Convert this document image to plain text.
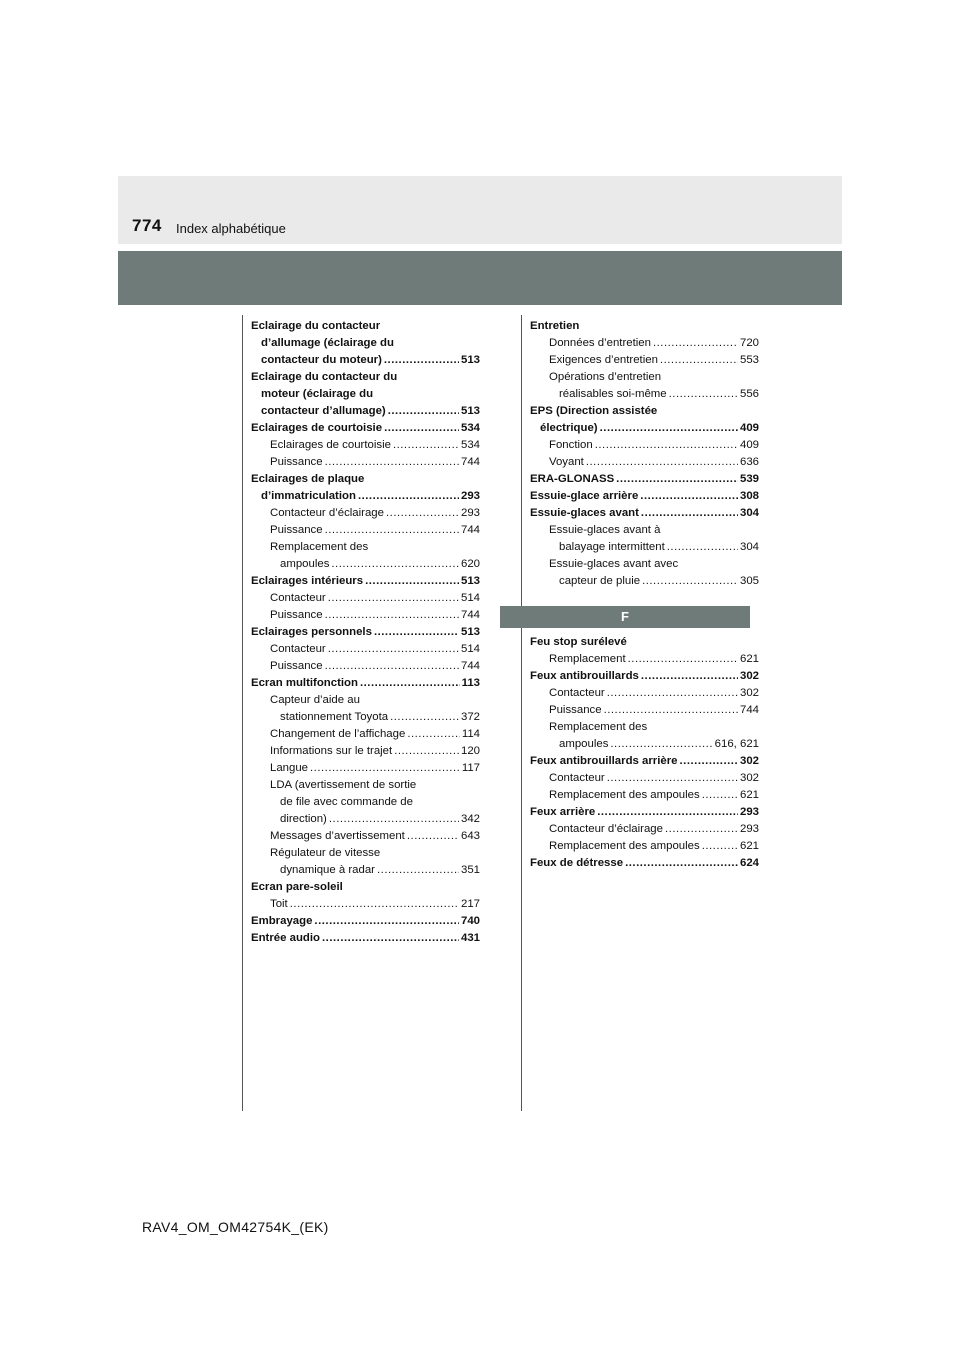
774 Index alphabétique
Eclairage du contacteur
d’allumage (éclairage du
contacteur du moteur) .....	513
Eclairage du contacteur du
moteur (éclairage du
contacteur d’allumage) .....	513
Eclairages de courtoisie .....	534
Eclairages de courtoisie .....	534
Puissance .....	744
Eclairages de plaque
d’immatriculation .....	293
Contacteur d’éclairage .....	293
Puissance .....	744
Remplacement des
ampoules .....	620
Eclairages intérieurs .....	513
Contacteur .....	514
Puissance .....	744
Eclairages personnels .....	513
Contacteur .....	514
Puissance .....	744
Ecran multifonction .....	113
Capteur d’aide au
stationnement Toyota .....	372
Changement de l’affichage .....	114
Informations sur le trajet .....	120
Langue .....	117
LDA (avertissement de sortie
de file avec commande de
direction) .....	342
Messages d’avertissement .....	643
Régulateur de vitesse
dynamique à radar .....	351
Ecran pare-soleil
Toit .....	217
Embrayage .....	740
Entrée audio .....	431
Entretien
Données d’entretien .....	720
Exigences d’entretien .....	553
Opérations d’entretien
réalisables soi-même .....	556
EPS (Direction assistée
électrique) .....	409
Fonction .....	409
Voyant .....	636
ERA-GLONASS .....	539
Essuie-glace arrière .....	308
Essuie-glaces avant .....	304
Essuie-glaces avant à
balayage intermittent .....	304
Essuie-glaces avant avec
capteur de pluie .....	305
F
Feu stop surélevé
Remplacement .....	621
Feux antibrouillards .....	302
Contacteur .....	302
Puissance .....	744
Remplacement des
ampoules .....	616, 621
Feux antibrouillards arrière .....	302
Contacteur .....	302
Remplacement des ampoules .....	621
Feux arrière .....	293
Contacteur d’éclairage .....	293
Remplacement des ampoules .....	621
Feux de détresse .....	624
RAV4_OM_OM42754K_(EK)
